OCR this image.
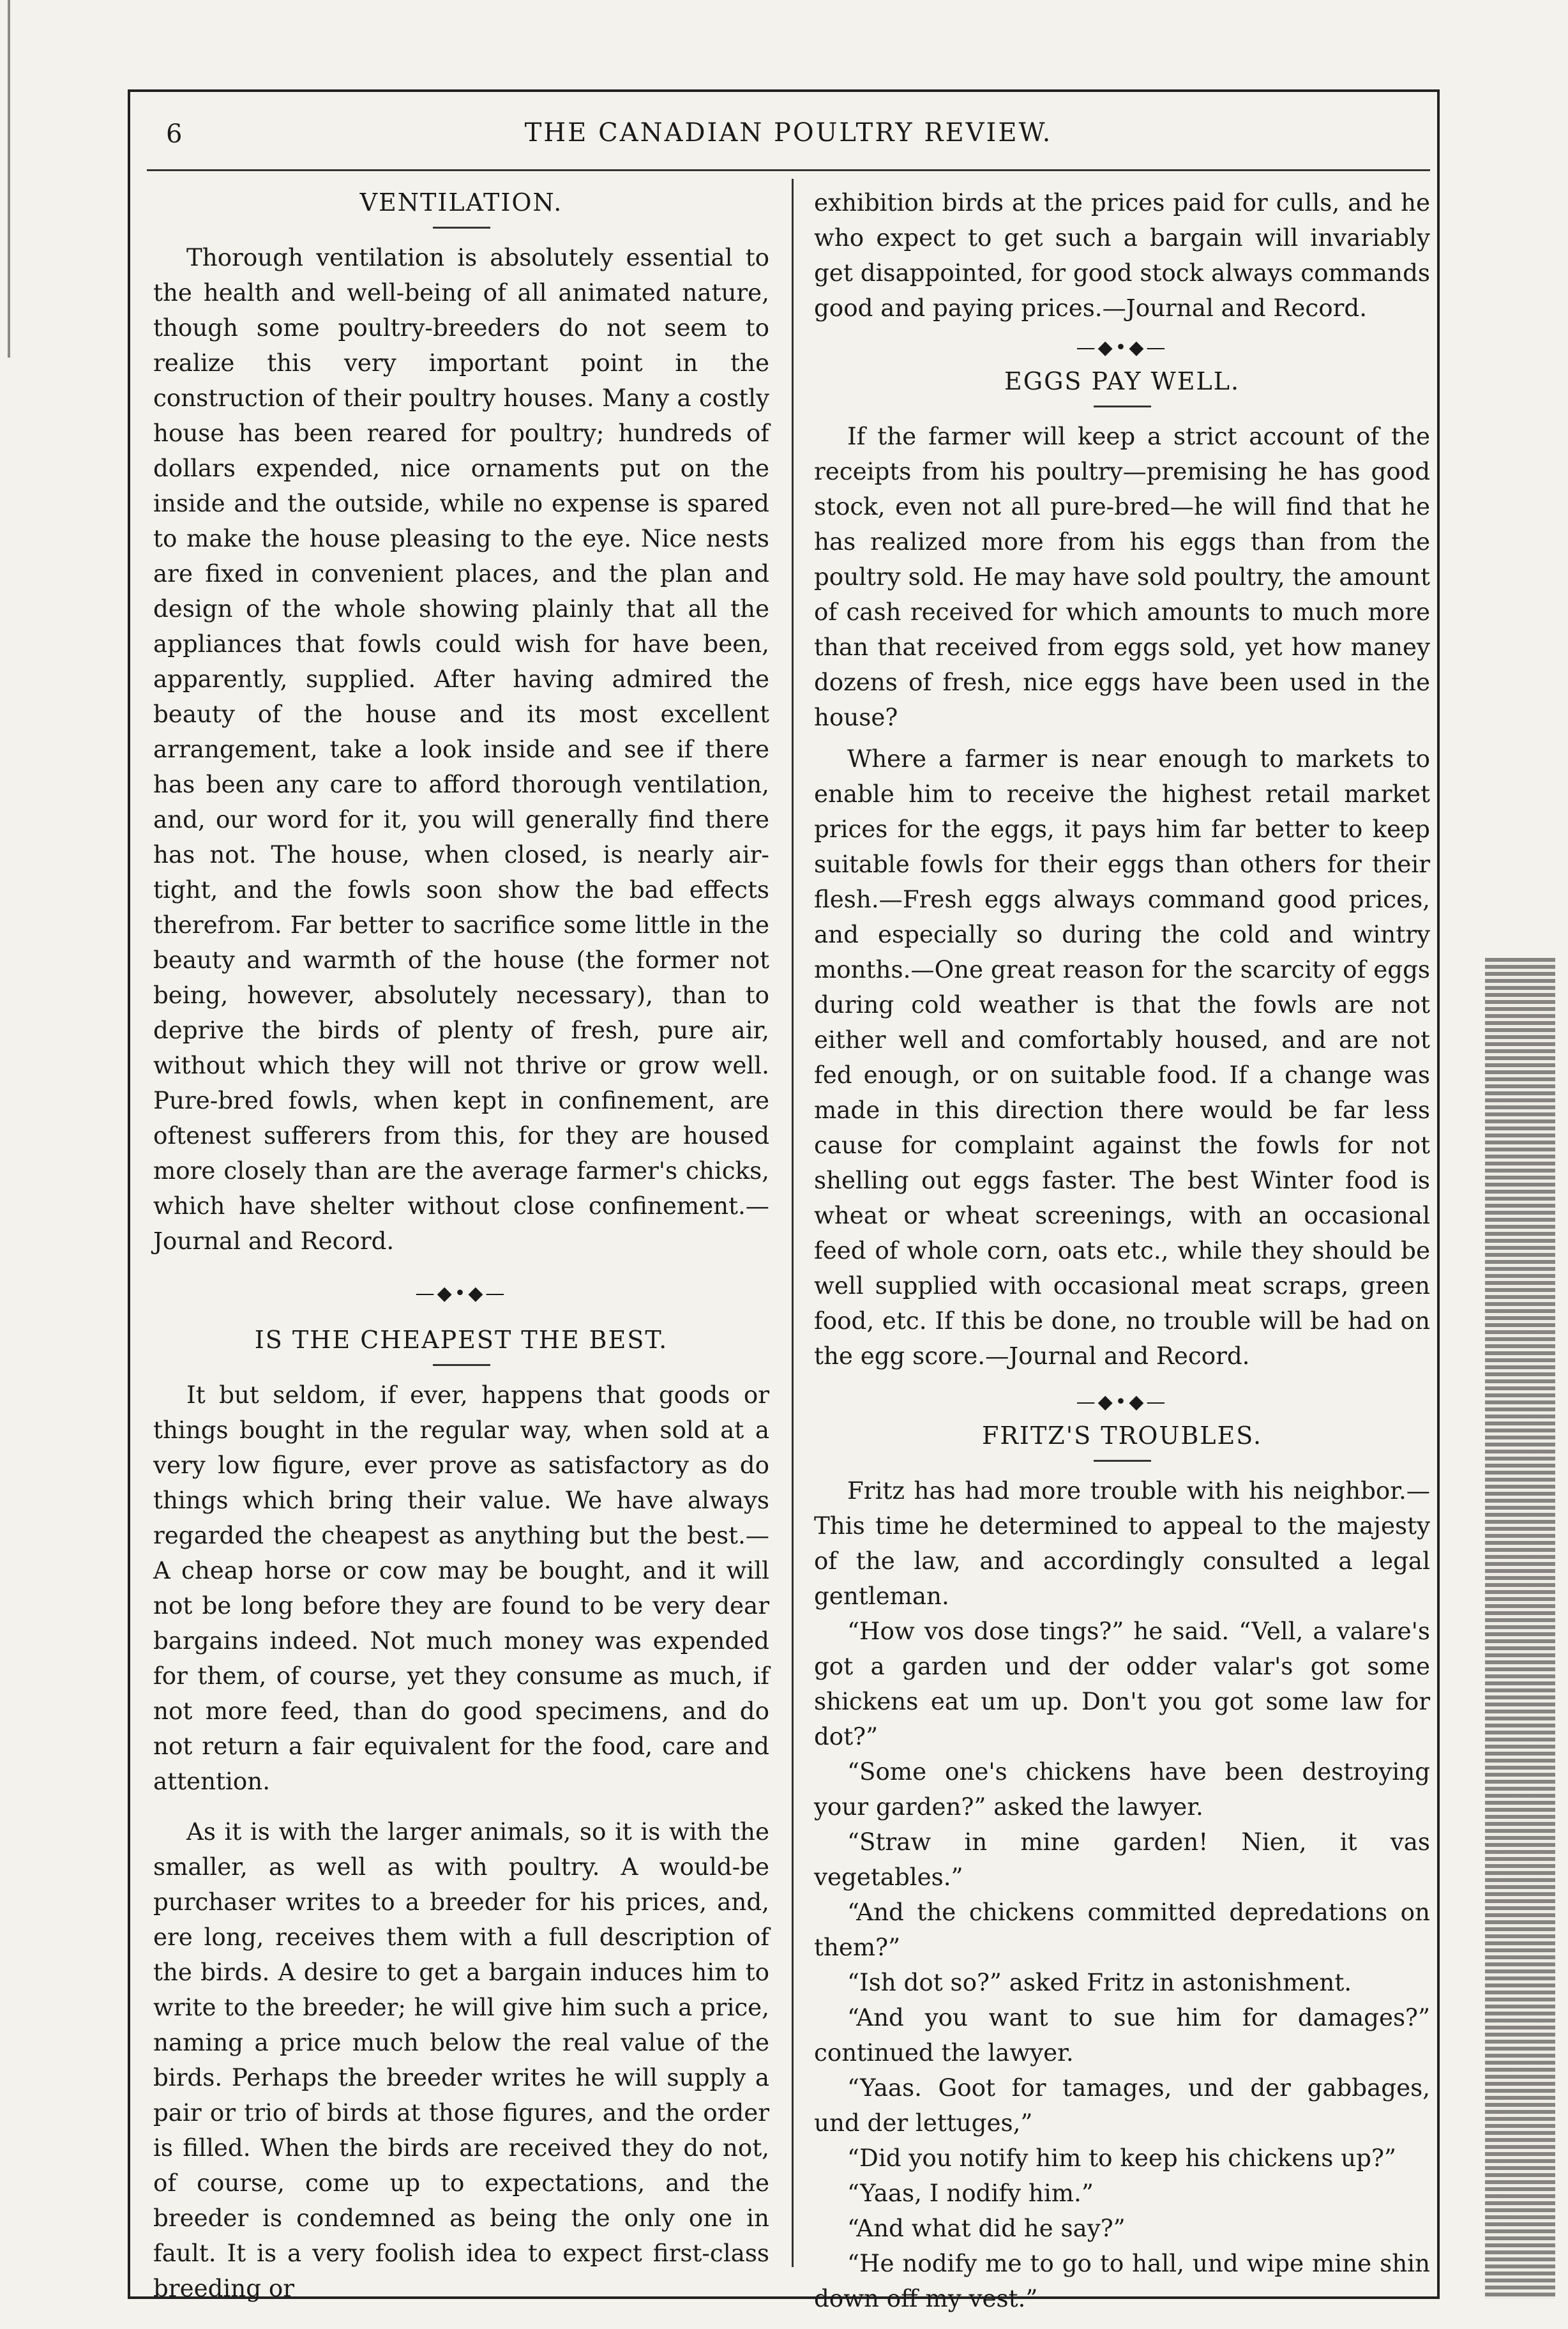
6	THE CANADIAN POULTRY REVIEW.
VENTILATION.

Thorough ventilation is absolutely essential to the health and well-being of all animated nature, though some poultry-breeders do not seem to realize this very important point in the construction of their poultry houses. Many a costly house has been reared for poultry; hundreds of dollars expended, nice ornaments put on the inside and the outside, while no expense is spared to make the house pleasing to the eye. Nice nests are fixed in convenient places, and the plan and design of the whole showing plainly that all the appliances that fowls could wish for have been, apparently, supplied. After having admired the beauty of the house and its most excellent arrangement, take a look inside and see if there has been any care to afford thorough ventilation, and, our word for it, you will generally find there has not. The house, when closed, is nearly air-tight, and the fowls soon show the bad effects therefrom. Far better to sacrifice some little in the beauty and warmth of the house (the former not being, however, absolutely necessary), than to deprive the birds of plenty of fresh, pure air, without which they will not thrive or grow well. Pure-bred fowls, when kept in confinement, are oftenest sufferers from this, for they are housed more closely than are the average farmer's chicks, which have shelter without close confinement.—Journal and Record.

—◆•◆—
IS THE CHEAPEST THE BEST.

It but seldom, if ever, happens that goods or things bought in the regular way, when sold at a very low figure, ever prove as satisfactory as do things which bring their value. We have always regarded the cheapest as anything but the best.—A cheap horse or cow may be bought, and it will not be long before they are found to be very dear bargains indeed. Not much money was expended for them, of course, yet they consume as much, if not more feed, than do good specimens, and do not return a fair equivalent for the food, care and attention.

As it is with the larger animals, so it is with the smaller, as well as with poultry. A would-be purchaser writes to a breeder for his prices, and, ere long, receives them with a full description of the birds. A desire to get a bargain induces him to write to the breeder; he will give him such a price, naming a price much below the real value of the birds. Perhaps the breeder writes he will supply a pair or trio of birds at those figures, and the order is filled. When the birds are received they do not, of course, come up to expectations, and the breeder is condemned as being the only one in fault. It is a very foolish idea to expect first-class breeding or

exhibition birds at the prices paid for culls, and he who expect to get such a bargain will invariably get disappointed, for good stock always commands good and paying prices.—Journal and Record.

—◆•◆—
EGGS PAY WELL.

If the farmer will keep a strict account of the receipts from his poultry—premising he has good stock, even not all pure-bred—he will find that he has realized more from his eggs than from the poultry sold. He may have sold poultry, the amount of cash received for which amounts to much more than that received from eggs sold, yet how maney dozens of fresh, nice eggs have been used in the house?

Where a farmer is near enough to markets to enable him to receive the highest retail market prices for the eggs, it pays him far better to keep suitable fowls for their eggs than others for their flesh.—Fresh eggs always command good prices, and especially so during the cold and wintry months.—One great reason for the scarcity of eggs during cold weather is that the fowls are not either well and comfortably housed, and are not fed enough, or on suitable food. If a change was made in this direction there would be far less cause for complaint against the fowls for not shelling out eggs faster. The best Winter food is wheat or wheat screenings, with an occasional feed of whole corn, oats etc., while they should be well supplied with occasional meat scraps, green food, etc. If this be done, no trouble will be had on the egg score.—Journal and Record.

—◆•◆—
FRITZ'S TROUBLES.

Fritz has had more trouble with his neighbor.—This time he determined to appeal to the majesty of the law, and accordingly consulted a legal gentleman.

“How vos dose tings?” he said. “Vell, a valare's got a garden und der odder valar's got some shickens eat um up. Don't you got some law for dot?”

“Some one's chickens have been destroying your garden?” asked the lawyer.

“Straw in mine garden! Nien, it vas vegetables.”

“And the chickens committed depredations on them?”

“Ish dot so?” asked Fritz in astonishment.

“And you want to sue him for damages?” continued the lawyer.

“Yaas. Goot for tamages, und der gabbages, und der lettuges,”

“Did you notify him to keep his chickens up?”

“Yaas, I nodify him.”

“And what did he say?”

“He nodify me to go to hall, und wipe mine shin down off my vest.”
